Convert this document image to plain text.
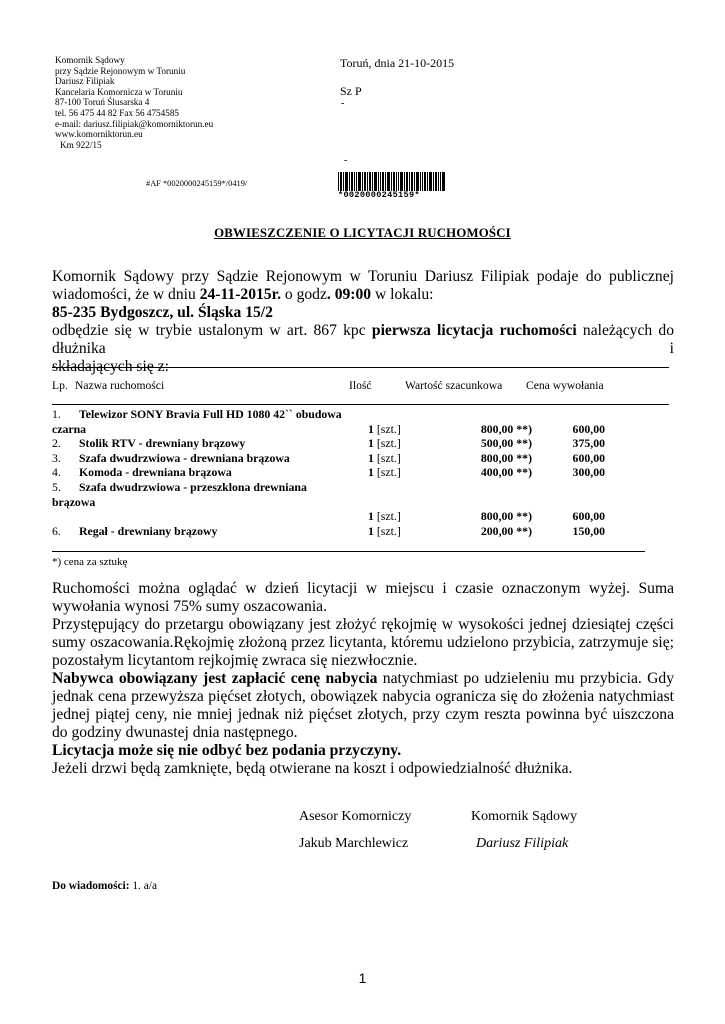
Komornik Sądowy
przy Sądzie Rejonowym w Toruniu
Dariusz Filipiak
Kancelaria Komornicza w Toruniu
87-100 Toruń Ślusarska 4
tel. 56 475 44 82 Fax 56 4754585
e-mail: dariusz.filipiak@komorniktorun.eu
www.komorniktorun.eu
Km 922/15
Toruń, dnia 21-10-2015
Sz P
-
-
#AF *0020000245159*/0419/
*0020000245159*
OBWIESZCZENIE O LICYTACJI RUCHOMOŚCI

Komornik Sądowy przy Sądzie Rejonowym w Toruniu Dariusz Filipiak podaje do publicznej

wiadomości, że w dniu 24-11-2015r. o godz. 09:00 w lokalu:

85-235 Bydgoszcz, ul. Śląska 15/2

odbędzie się w trybie ustalonym w art. 867 kpc pierwsza licytacja ruchomości należących do dłużnika i

składających się z:

Lp. Nazwa ruchomości	Ilość	Wartość szacunkowa Cena wywołania
1. Telewizor SONY Bravia Full HD 1080 42`` obudowa
czarna	1 [szt.]	800,00 **)	600,00
2. Stolik RTV - drewniany brązowy	1 [szt.]	500,00 **)	375,00
3. Szafa dwudrzwiowa - drewniana brązowa	1 [szt.]	800,00 **)	600,00
4. Komoda - drewniana brązowa	1 [szt.]	400,00 **)	300,00
5. Szafa dwudrzwiowa - przeszklona drewniana
brązowa
1 [szt.]	800,00 **)	600,00
6. Regał - drewniany brązowy	1 [szt.]	200,00 **)	150,00
*) cena za sztukę

Ruchomości można oglądać w dzień licytacji w miejscu i czasie oznaczonym wyżej. Suma wywołania wynosi 75% sumy oszacowania.

Przystępujący do przetargu obowiązany jest złożyć rękojmię w wysokości jednej dziesiątej części sumy oszacowania.Rękojmię złożoną przez licytanta, któremu udzielono przybicia, zatrzymuje się; pozostałym licytantom rejkojmię zwraca się niezwłocznie.

Nabywca obowiązany jest zapłacić cenę nabycia natychmiast po udzieleniu mu przybicia. Gdy jednak cena przewyższa pięćset złotych, obowiązek nabycia ogranicza się do złożenia natychmiast jednej piątej ceny, nie mniej jednak niż pięćset złotych, przy czym reszta powinna być uiszczona do godziny dwunastej dnia następnego.

Licytacja może się nie odbyć bez podania przyczyny.

Jeżeli drzwi będą zamknięte, będą otwierane na koszt i odpowiedzialność dłużnika.

Asesor Komorniczy
Jakub Marchlewicz
Komornik Sądowy
Dariusz Filipiak
Do wiadomości: 1. a/a
1
